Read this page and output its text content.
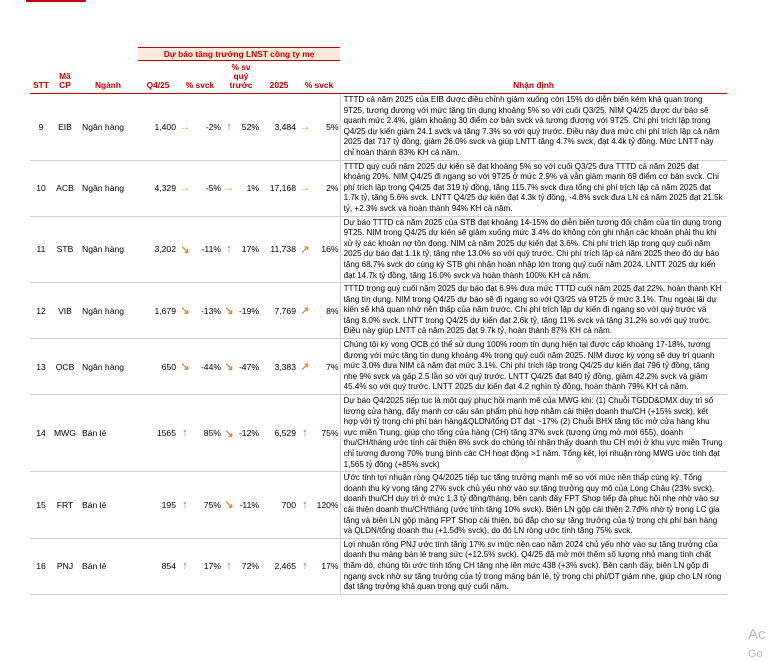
STT	Mã CP	Ngành	Dự báo tăng trưởng LNST công ty mẹ								Nhận định
			Q4/25	% svck		% sv quý trước		2025	% svck		
9	EIB	Ngân hàng	1,400	→	-2%	↑	52%	3,484	→	5%	TTTD cả năm 2025 của EIB được điều chỉnh giảm xuống còn 15% do diễn biến kém khả quan trong 9T25, tương đương với mức tăng tín dụng khoảng 5% so với cuối Q3/25. NIM Q4/25 được dự báo sẽ quanh mức 2.4%, giảm khoảng 30 điểm cơ bản svck và tương đương với 9T25. Chi phí trích lập trong Q4/25 dự kiến giảm 24.1 svck và tăng 7.3% so với quý trước. Điều này đưa mức chi phí trích lập cả năm 2025 đạt 717 tỷ đồng, giảm 26.0% svck và giúp LNTT tăng 4.7% svck, đạt 4.4k tỷ đồng. Mức LNTT này chỉ hoàn thành 83% KH cả năm.
10	ACB	Ngân hàng	4,329	→	-5%	→	1%	17,168	→	2%	TTTD quý cuối năm 2025 dự kiến sẽ đạt khoảng 5% so với cuối Q3/25 đưa TTTD cả năm 2025 đạt khoảng 20%. NIM Q4/25 đi ngang so với 9T25 ở mức 2.9% và vẫn giảm mạnh 69 điểm cơ bản svck. Chi phí trích lập trong Q4/25 đạt 319 tỷ đồng, tăng 115.7% svck đưa tổng chi phí trích lập cả năm 2025 đạt 1.7k tỷ, tăng 5.6% svck. LNTT Q4/25 dự kiến đạt 4.3k tỷ đồng, -4.8% svck đưa LN cả năm 2025 đạt 21.5k tỷ, +2.3% svck và hoàn thành 94% KH cả năm.
11	STB	Ngân hàng	3,202	↘	-11%	↑	17%	11,738	↗	16%	Dự báo TTTD cả năm 2025 của STB đạt khoảng 14-15% do diễn biến tương đối chậm của tín dụng trong 9T25. NIM trong Q4/25 dự kiến sẽ giảm xuống mức 3.4% do không còn ghi nhận các khoản phải thu khi xử lý các khoản nợ tồn đọng. NIM cả năm 2025 dự kiến đạt 3.6%. Chi phí trích lập trong quý cuối năm 2025 dự báo đạt 1.1k tỷ, tăng nhẹ 13.0% so với quý trước. Chi phí trích lập cả năm 2025 theo đó dự báo tăng 68.7% svck do cùng kỳ STB ghi nhận hoàn nhập lớn trong quý cuối năm 2024. LNTT 2025 dự kiến đạt 14.7k tỷ đồng, tăng 16.0% svck và hoàn thành 100% KH cả năm.
12	VIB	Ngân hàng	1,679	↘	-13%	↘	-19%	7,769	↗	8%	TTTD trong quý cuối năm 2025 dự báo đạt 6.9% đưa mức TTTD cuối năm 2025 đạt 22%, hoàn thành KH tăng tín dụng. NIM trong Q4/25 dự báo sẽ đi ngang so với Q3/25 và 9T25 ở mức 3.1%. Thu ngoài lãi dự kiến sẽ khả quan nhờ nền thấp của năm trước. Chi phí trích lập dự kiến đi ngang so với quý trước và tăng 8.0% svck. LNTT trong Q4/25 dự kiến đạt 2.6k tỷ, tăng 11% svck và tăng 31.2% so với quý trước. Điều này giúp LNTT cả năm 2025 đạt 9.7k tỷ, hoàn thành 87% KH cả năm.
13	OCB	Ngân hàng	650	↘	-44%	↘	-47%	3,383	↗	7%	Chúng tôi kỳ vọng OCB có thể sử dụng 100% room tín dụng hiện tại được cấp khoảng 17-18%, tương đương với mức tăng tín dụng khoảng 4% trong quý cuối năm 2025. NIM được kỳ vọng sẽ duy trì quanh mức 3.0% đưa NIM cả năm đạt mức 3.1%. Chi phí trích lập trong Q4/25 dự kiến đạt 796 tỷ đồng, tăng nhẹ 9% svck và gấp 2.5 lần so với quý trước. LNTT Q4/25 đạt 840 tỷ đồng, giảm 42.2% svck và giảm 45.4% so với quý trước. LNTT 2025 dự kiến đạt 4.2 nghìn tỷ đồng, hoàn thành 79% KH cả năm.
14	MWG	Bán lẻ	1565	↑	85%	↘	-12%	6,529	↑	75%	Dự báo Q4/2025 tiếp tục là một quý phục hồi mạnh mẽ của MWG khi: (1) Chuỗi TGDD&DMX duy trì số lượng cửa hàng, đẩy mạnh cơ cấu sản phẩm phù hợp nhằm cải thiện doanh thu/CH (+15% svck), kết hợp với tỷ trọng chi phí bán hàng&QLDN/tổng DT đạt ~17% (2) Chuỗi BHX tăng tốc mở cửa hàng khu vực miền Trung, giúp cho tổng cửa hàng (CH) tăng 37% svck (tương ứng mở mới 655), doanh thu/CH/tháng ước tính cải thiện 8% svck do chúng tôi nhận thấy doanh thu CH mới ở khu vực miền Trung chỉ tương đương 70% trung bình các CH hoạt động >1 năm. Tổng kết, lợi nhuận ròng MWG ước tính đạt 1,565 tỷ đồng (+85% svck)
15	FRT	Bán lẻ	195	↑	75%	↘	-11%	700	↑	120%	Ước tính lợi nhuận ròng Q4/2025 tiếp tục tăng trưởng mạnh mẽ so với mức nền thấp cùng kỳ. Tổng doanh thu kỳ vọng tăng 27% svck chủ yếu nhờ vào sự tăng trưởng quy mô của Long Châu (23% svck), doanh thu/CH duy trì ở mức 1.3 tỷ đồng/tháng, bên cạnh đấy FPT Shop tiếp đà phục hồi nhẹ nhờ vào sự cải thiện doanh thu/CH/tháng (ước tính tăng 10% svck). Biên LN gộp cải thiện 2.7đ% nhờ tỷ trọng LC gia tăng và biên LN gộp mảng FPT Shop cải thiện, bù đắp cho sự tăng trưởng của tỷ trọng chi phí bán hàng và QLDN/tổng doanh thu (+1.5đ% svck), do đó LN ròng ước tính tăng 75% svck.
16	PNJ	Bán lẻ	854	↑	17%	↑	72%	2,465	↑	17%	Lợi nhuận ròng PNJ ước tính tăng 17% sv mức nền cao năm 2024 chủ yếu nhờ vào sự tăng trưởng của doanh thu mảng bán lẻ trang sức (+12.5% svck). Q4/25 đã mở mới thêm số lượng nhỏ mang tính chất thăm dò, chúng tôi ước tính tổng CH tăng nhẹ lên mức 438 (+3% svck). Bên cạnh đấy, biên LN gộp đi ngang svck nhờ sự tăng trưởng của tỷ trọng mảng bán lẻ, tỷ trọng chi phí/DT giảm nhẹ, giúp cho LN ròng đạt tăng trưởng khả quan trong quý cuối năm.
Ac
Go
